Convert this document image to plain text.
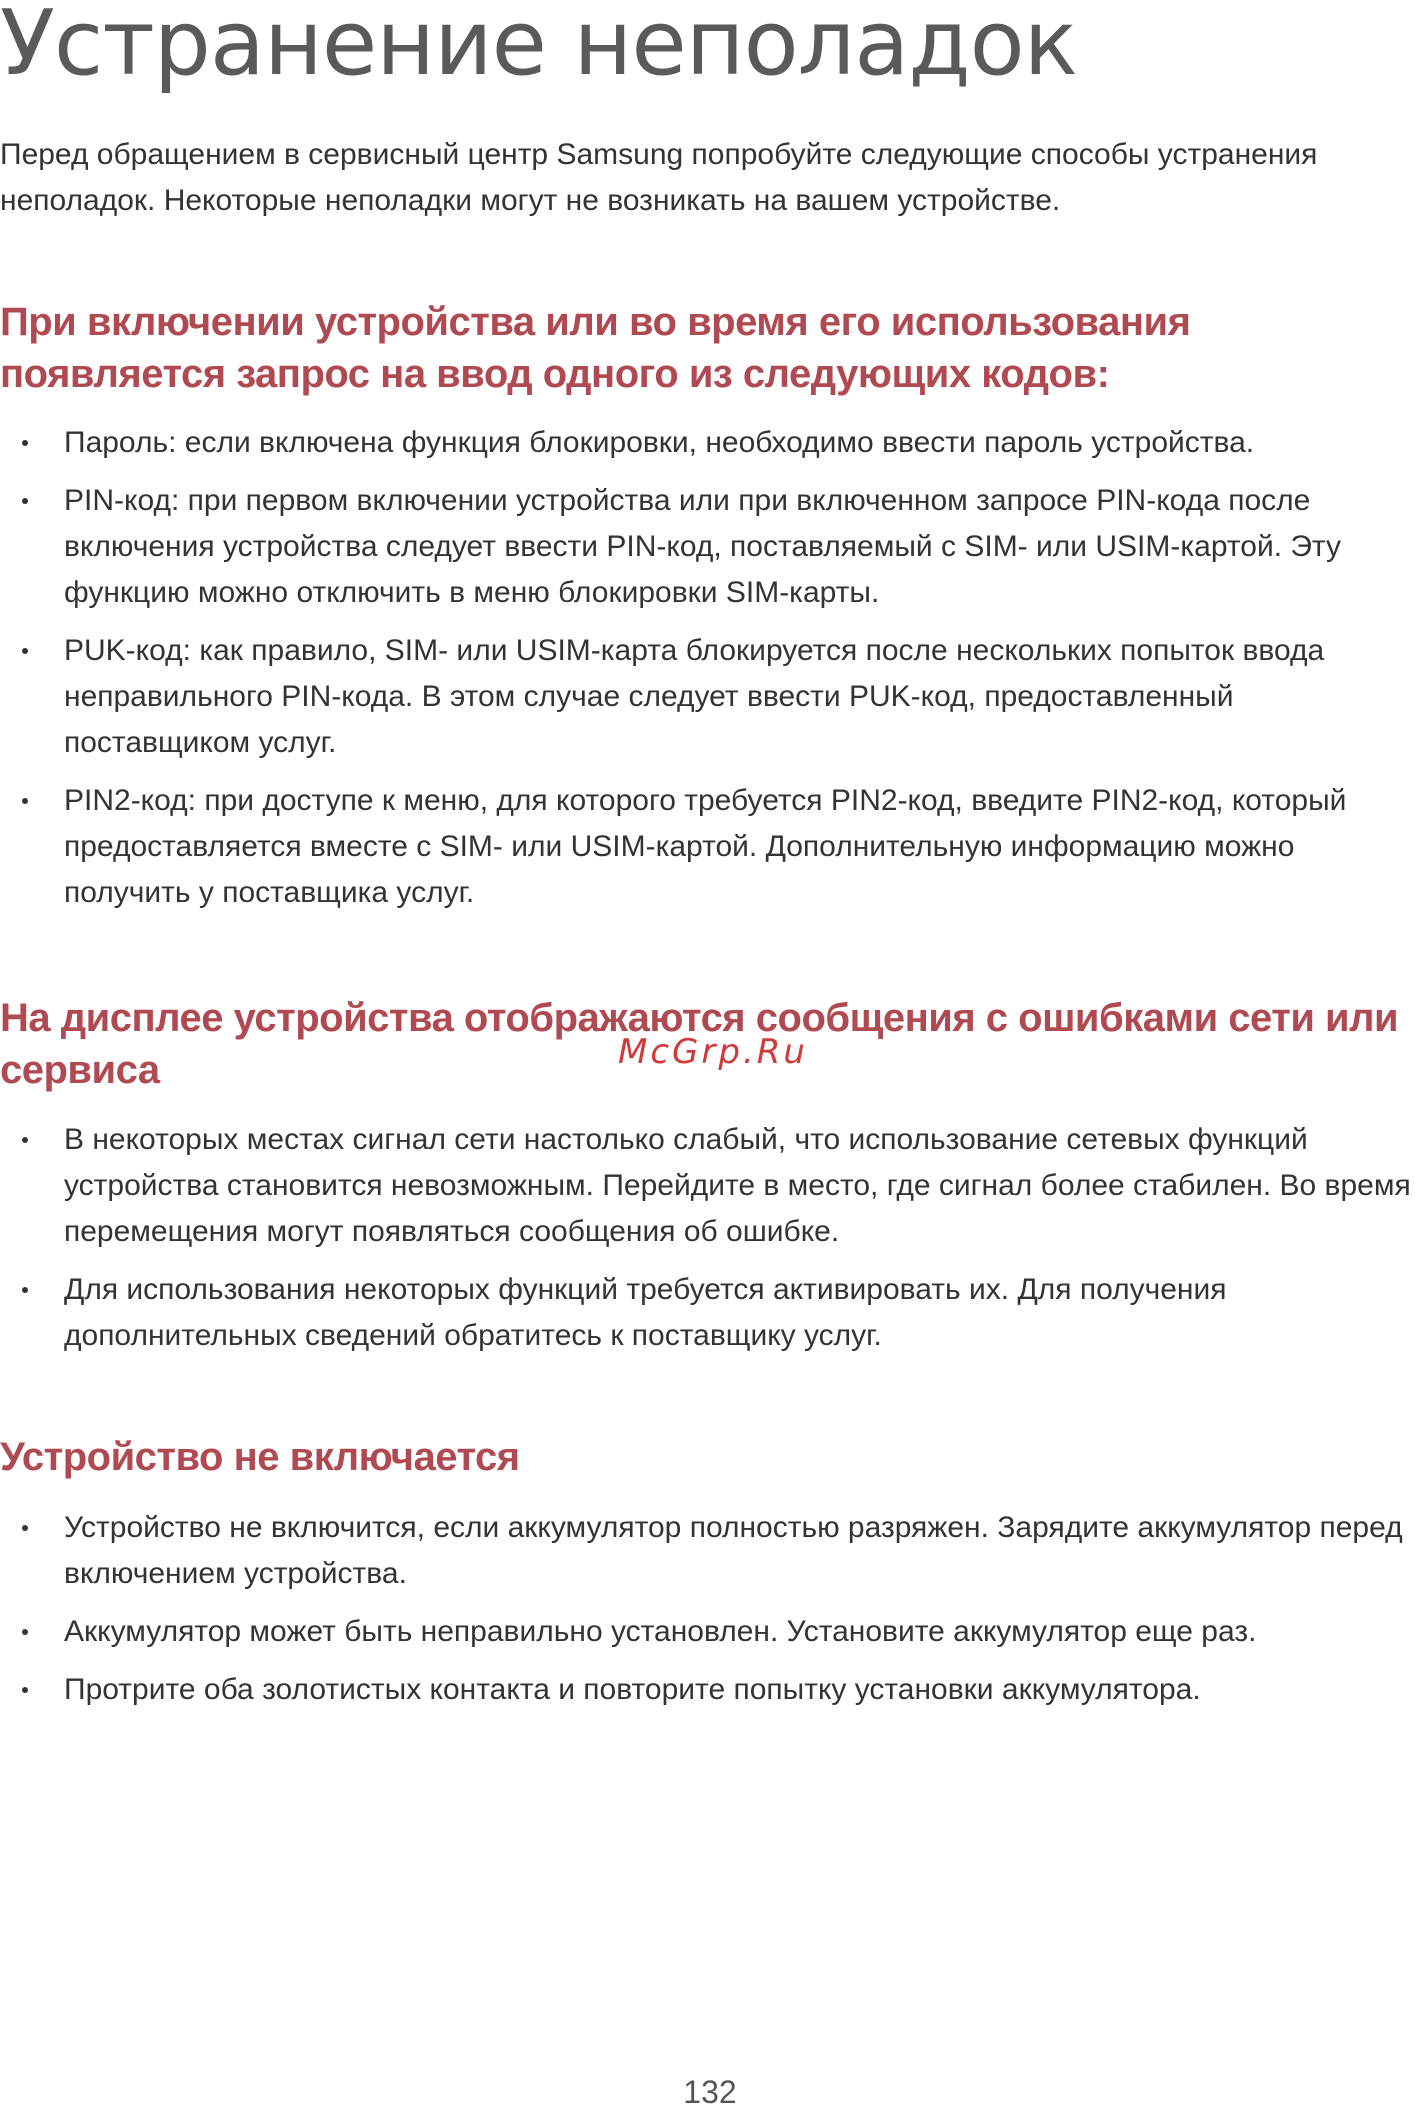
Устранение неполадок

Перед обращением в сервисный центр Samsung попробуйте следующие способы устранения неполадок. Некоторые неполадки могут не возникать на вашем устройстве.

При включении устройства или во время его использования появляется запрос на ввод одного из следующих кодов:
Пароль: если включена функция блокировки, необходимо ввести пароль устройства.
PIN-код: при первом включении устройства или при включенном запросе PIN-кода после включения устройства следует ввести PIN-код, поставляемый с SIM- или USIM-картой. Эту функцию можно отключить в меню блокировки SIM-карты.
PUK-код: как правило, SIM- или USIM-карта блокируется после нескольких попыток ввода неправильного PIN-кода. В этом случае следует ввести PUK-код, предоставленный поставщиком услуг.
PIN2-код: при доступе к меню, для которого требуется PIN2-код, введите PIN2-код, который предоставляется вместе с SIM- или USIM-картой. Дополнительную информацию можно получить у поставщика услуг.
На дисплее устройства отображаются сообщения с ошибками сети или сервиса
В некоторых местах сигнал сети настолько слабый, что использование сетевых функций устройства становится невозможным. Перейдите в место, где сигнал более стабилен. Во время перемещения могут появляться сообщения об ошибке.
Для использования некоторых функций требуется активировать их. Для получения дополнительных сведений обратитесь к поставщику услуг.
Устройство не включается
Устройство не включится, если аккумулятор полностью разряжен. Зарядите аккумулятор перед включением устройства.
Аккумулятор может быть неправильно установлен. Установите аккумулятор еще раз.
Протрите оба золотистых контакта и повторите попытку установки аккумулятора.
McGrp.Ru
132
